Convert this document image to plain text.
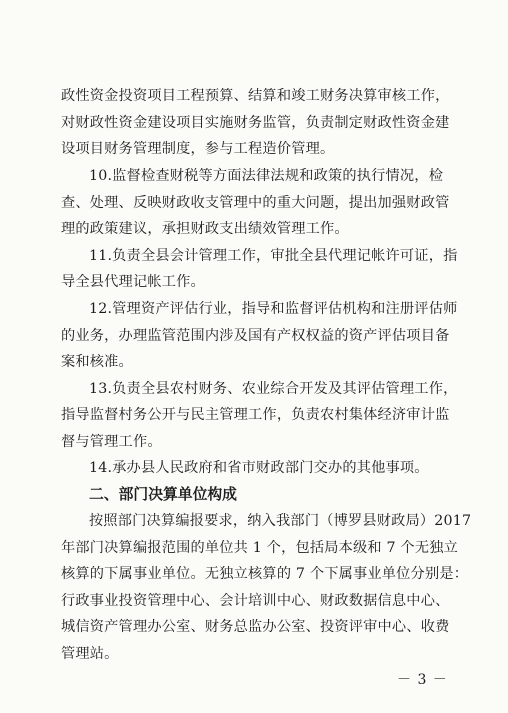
政性资金投资项目工程预算、结算和竣工财务决算审核工作，
对财政性资金建设项目实施财务监管，负责制定财政性资金建
设项目财务管理制度，参与工程造价管理。
10.监督检查财税等方面法律法规和政策的执行情况，检
查、处理、反映财政收支管理中的重大问题，提出加强财政管
理的政策建议，承担财政支出绩效管理工作。
11.负责全县会计管理工作，审批全县代理记帐许可证，指
导全县代理记帐工作。
12.管理资产评估行业，指导和监督评估机构和注册评估师
的业务，办理监管范围内涉及国有产权权益的资产评估项目备
案和核准。
13.负责全县农村财务、农业综合开发及其评估管理工作，
指导监督村务公开与民主管理工作，负责农村集体经济审计监
督与管理工作。
14.承办县人民政府和省市财政部门交办的其他事项。
二、部门决算单位构成
按照部门决算编报要求，纳入我部门（博罗县财政局）2017
年部门决算编报范围的单位共 1 个，包括局本级和 7 个无独立
核算的下属事业单位。无独立核算的 7 个下属事业单位分别是：
行政事业投资管理中心、会计培训中心、财政数据信息中心、
城信资产管理办公室、财务总监办公室、投资评审中心、收费
管理站。
－ 3 －
